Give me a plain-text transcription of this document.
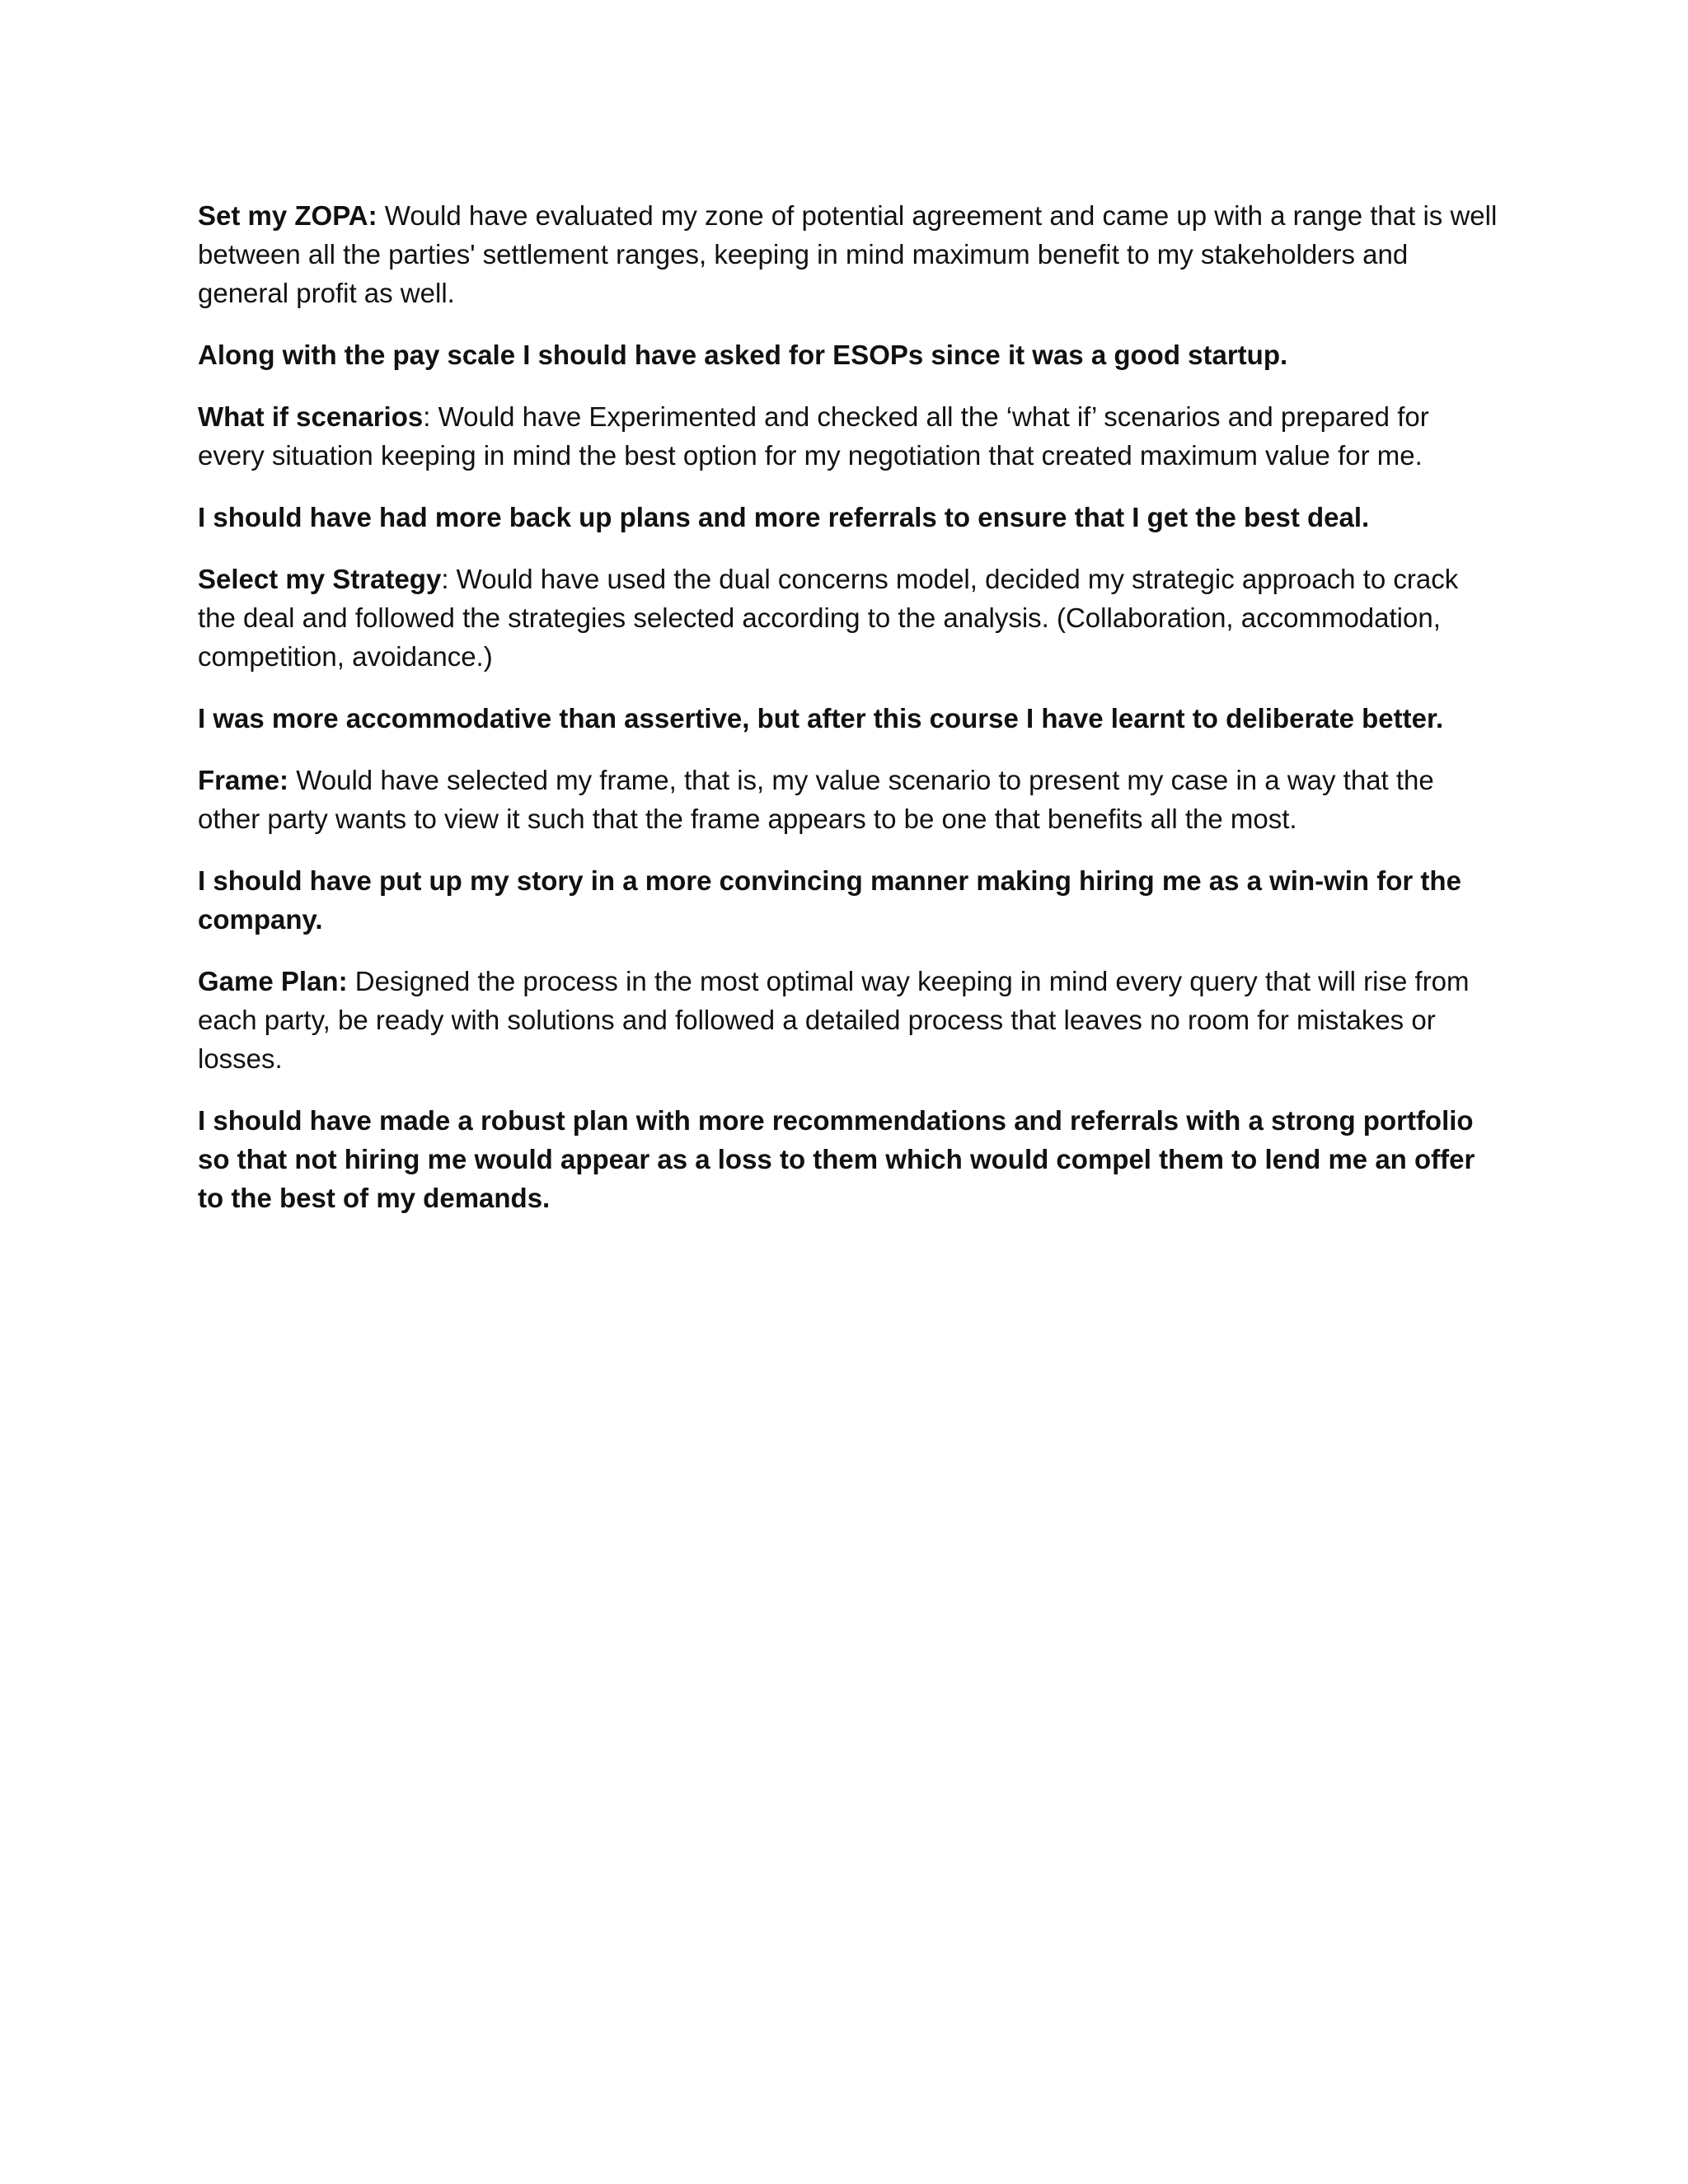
Set my ZOPA: Would have evaluated my zone of potential agreement and came up with a range that is well between all the parties' settlement ranges, keeping in mind maximum benefit to my stakeholders and general profit as well.

Along with the pay scale I should have asked for ESOPs since it was a good startup.

What if scenarios: Would have Experimented and checked all the ‘what if’ scenarios and prepared for every situation keeping in mind the best option for my negotiation that created maximum value for me.

I should have had more back up plans and more referrals to ensure that I get the best deal.

Select my Strategy: Would have used the dual concerns model, decided my strategic approach to crack the deal and followed the strategies selected according to the analysis. (Collaboration, accommodation, competition, avoidance.)

I was more accommodative than assertive, but after this course I have learnt to deliberate better.

Frame: Would have selected my frame, that is, my value scenario to present my case in a way that the other party wants to view it such that the frame appears to be one that benefits all the most.

I should have put up my story in a more convincing manner making hiring me as a win-win for the company.

Game Plan: Designed the process in the most optimal way keeping in mind every query that will rise from each party, be ready with solutions and followed a detailed process that leaves no room for mistakes or losses.

I should have made a robust plan with more recommendations and referrals with a strong portfolio so that not hiring me would appear as a loss to them which would compel them to lend me an offer to the best of my demands.
